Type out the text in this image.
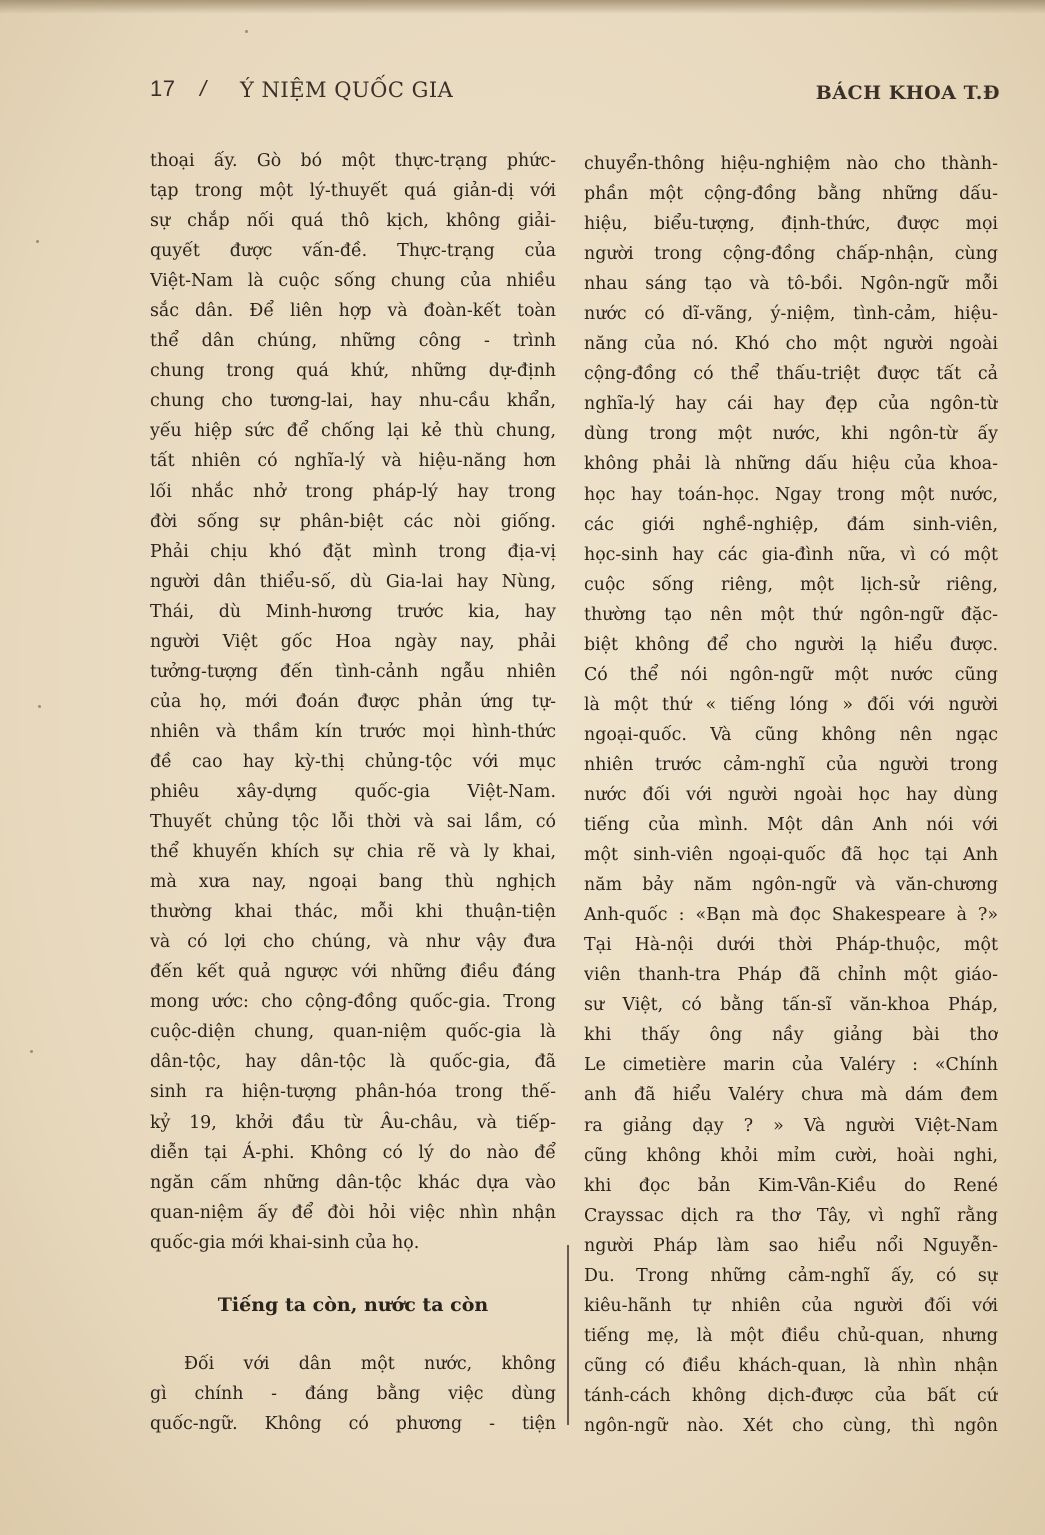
17 / Ý NIỆM QUỐC GIA	BÁCH KHOA T.Đ
thoại ấy. Gò bó một thực-trạng phức-
tạp trong một lý-thuyết quá giản-dị với
sự chắp nối quá thô kịch, không giải-
quyết được vấn-đề. Thực-trạng của
Việt-Nam là cuộc sống chung của nhiều
sắc dân. Để liên hợp và đoàn-kết toàn
thể dân chúng, những công - trình
chung trong quá khứ, những dự-định
chung cho tương-lai, hay nhu-cầu khẩn,
yếu hiệp sức để chống lại kẻ thù chung,
tất nhiên có nghĩa-lý và hiệu-năng hơn
lối nhắc nhở trong pháp-lý hay trong
đời sống sự phân-biệt các nòi giống.
Phải chịu khó đặt mình trong địa-vị
người dân thiểu-số, dù Gia-lai hay Nùng,
Thái, dù Minh-hương trước kia, hay
người Việt gốc Hoa ngày nay, phải
tưởng-tượng đến tình-cảnh ngẫu nhiên
của họ, mới đoán được phản ứng tự-
nhiên và thầm kín trước mọi hình-thức
đề cao hay kỳ-thị chủng-tộc với mục
phiêu xây-dựng quốc-gia Việt-Nam.
Thuyết chủng tộc lỗi thời và sai lầm, có
thể khuyến khích sự chia rẽ và ly khai,
mà xưa nay, ngoại bang thù nghịch
thường khai thác, mỗi khi thuận-tiện
và có lợi cho chúng, và như vậy đưa
đến kết quả ngược với những điều đáng
mong ước: cho cộng-đồng quốc-gia. Trong
cuộc-diện chung, quan-niệm quốc-gia là
dân-tộc, hay dân-tộc là quốc-gia, đã
sinh ra hiện-tượng phân-hóa trong thế-
kỷ 19, khởi đầu từ Âu-châu, và tiếp-
diễn tại Á-phi. Không có lý do nào để
ngăn cấm những dân-tộc khác dựa vào
quan-niệm ấy để đòi hỏi việc nhìn nhận
quốc-gia mới khai-sinh của họ.
Tiếng ta còn, nước ta còn
Đối với dân một nước, không
gì chính - đáng bằng việc dùng
quốc-ngữ. Không có phương - tiện
chuyển-thông hiệu-nghiệm nào cho thành-
phần một cộng-đồng bằng những dấu-
hiệu, biểu-tượng, định-thức, được mọi
người trong cộng-đồng chấp-nhận, cùng
nhau sáng tạo và tô-bồi. Ngôn-ngữ mỗi
nước có dĩ-vãng, ý-niệm, tình-cảm, hiệu-
năng của nó. Khó cho một người ngoài
cộng-đồng có thể thấu-triệt được tất cả
nghĩa-lý hay cái hay đẹp của ngôn-từ
dùng trong một nước, khi ngôn-từ ấy
không phải là những dấu hiệu của khoa-
học hay toán-học. Ngay trong một nước,
các giới nghề-nghiệp, đám sinh-viên,
học-sinh hay các gia-đình nữa, vì có một
cuộc sống riêng, một lịch-sử riêng,
thường tạo nên một thứ ngôn-ngữ đặc-
biệt không để cho người lạ hiểu được.
Có thể nói ngôn-ngữ một nước cũng
là một thứ « tiếng lóng » đối với người
ngoại-quốc. Và cũng không nên ngạc
nhiên trước cảm-nghĩ của người trong
nước đối với người ngoài học hay dùng
tiếng của mình. Một dân Anh nói với
một sinh-viên ngoại-quốc đã học tại Anh
năm bảy năm ngôn-ngữ và văn-chương
Anh-quốc : «Bạn mà đọc Shakespeare à ?»
Tại Hà-nội dưới thời Pháp-thuộc, một
viên thanh-tra Pháp đã chỉnh một giáo-
sư Việt, có bằng tấn-sĩ văn-khoa Pháp,
khi thấy ông nầy giảng bài thơ
Le cimetière marin của Valéry : «Chính
anh đã hiểu Valéry chưa mà dám đem
ra giảng dạy ? » Và người Việt-Nam
cũng không khỏi mỉm cười, hoài nghi,
khi đọc bản Kim-Vân-Kiều do René
Crayssac dịch ra thơ Tây, vì nghĩ rằng
người Pháp làm sao hiểu nổi Nguyễn-
Du. Trong những cảm-nghĩ ấy, có sự
kiêu-hãnh tự nhiên của người đối với
tiếng mẹ, là một điều chủ-quan, nhưng
cũng có điều khách-quan, là nhìn nhận
tánh-cách không dịch-được của bất cứ
ngôn-ngữ nào. Xét cho cùng, thì ngôn
